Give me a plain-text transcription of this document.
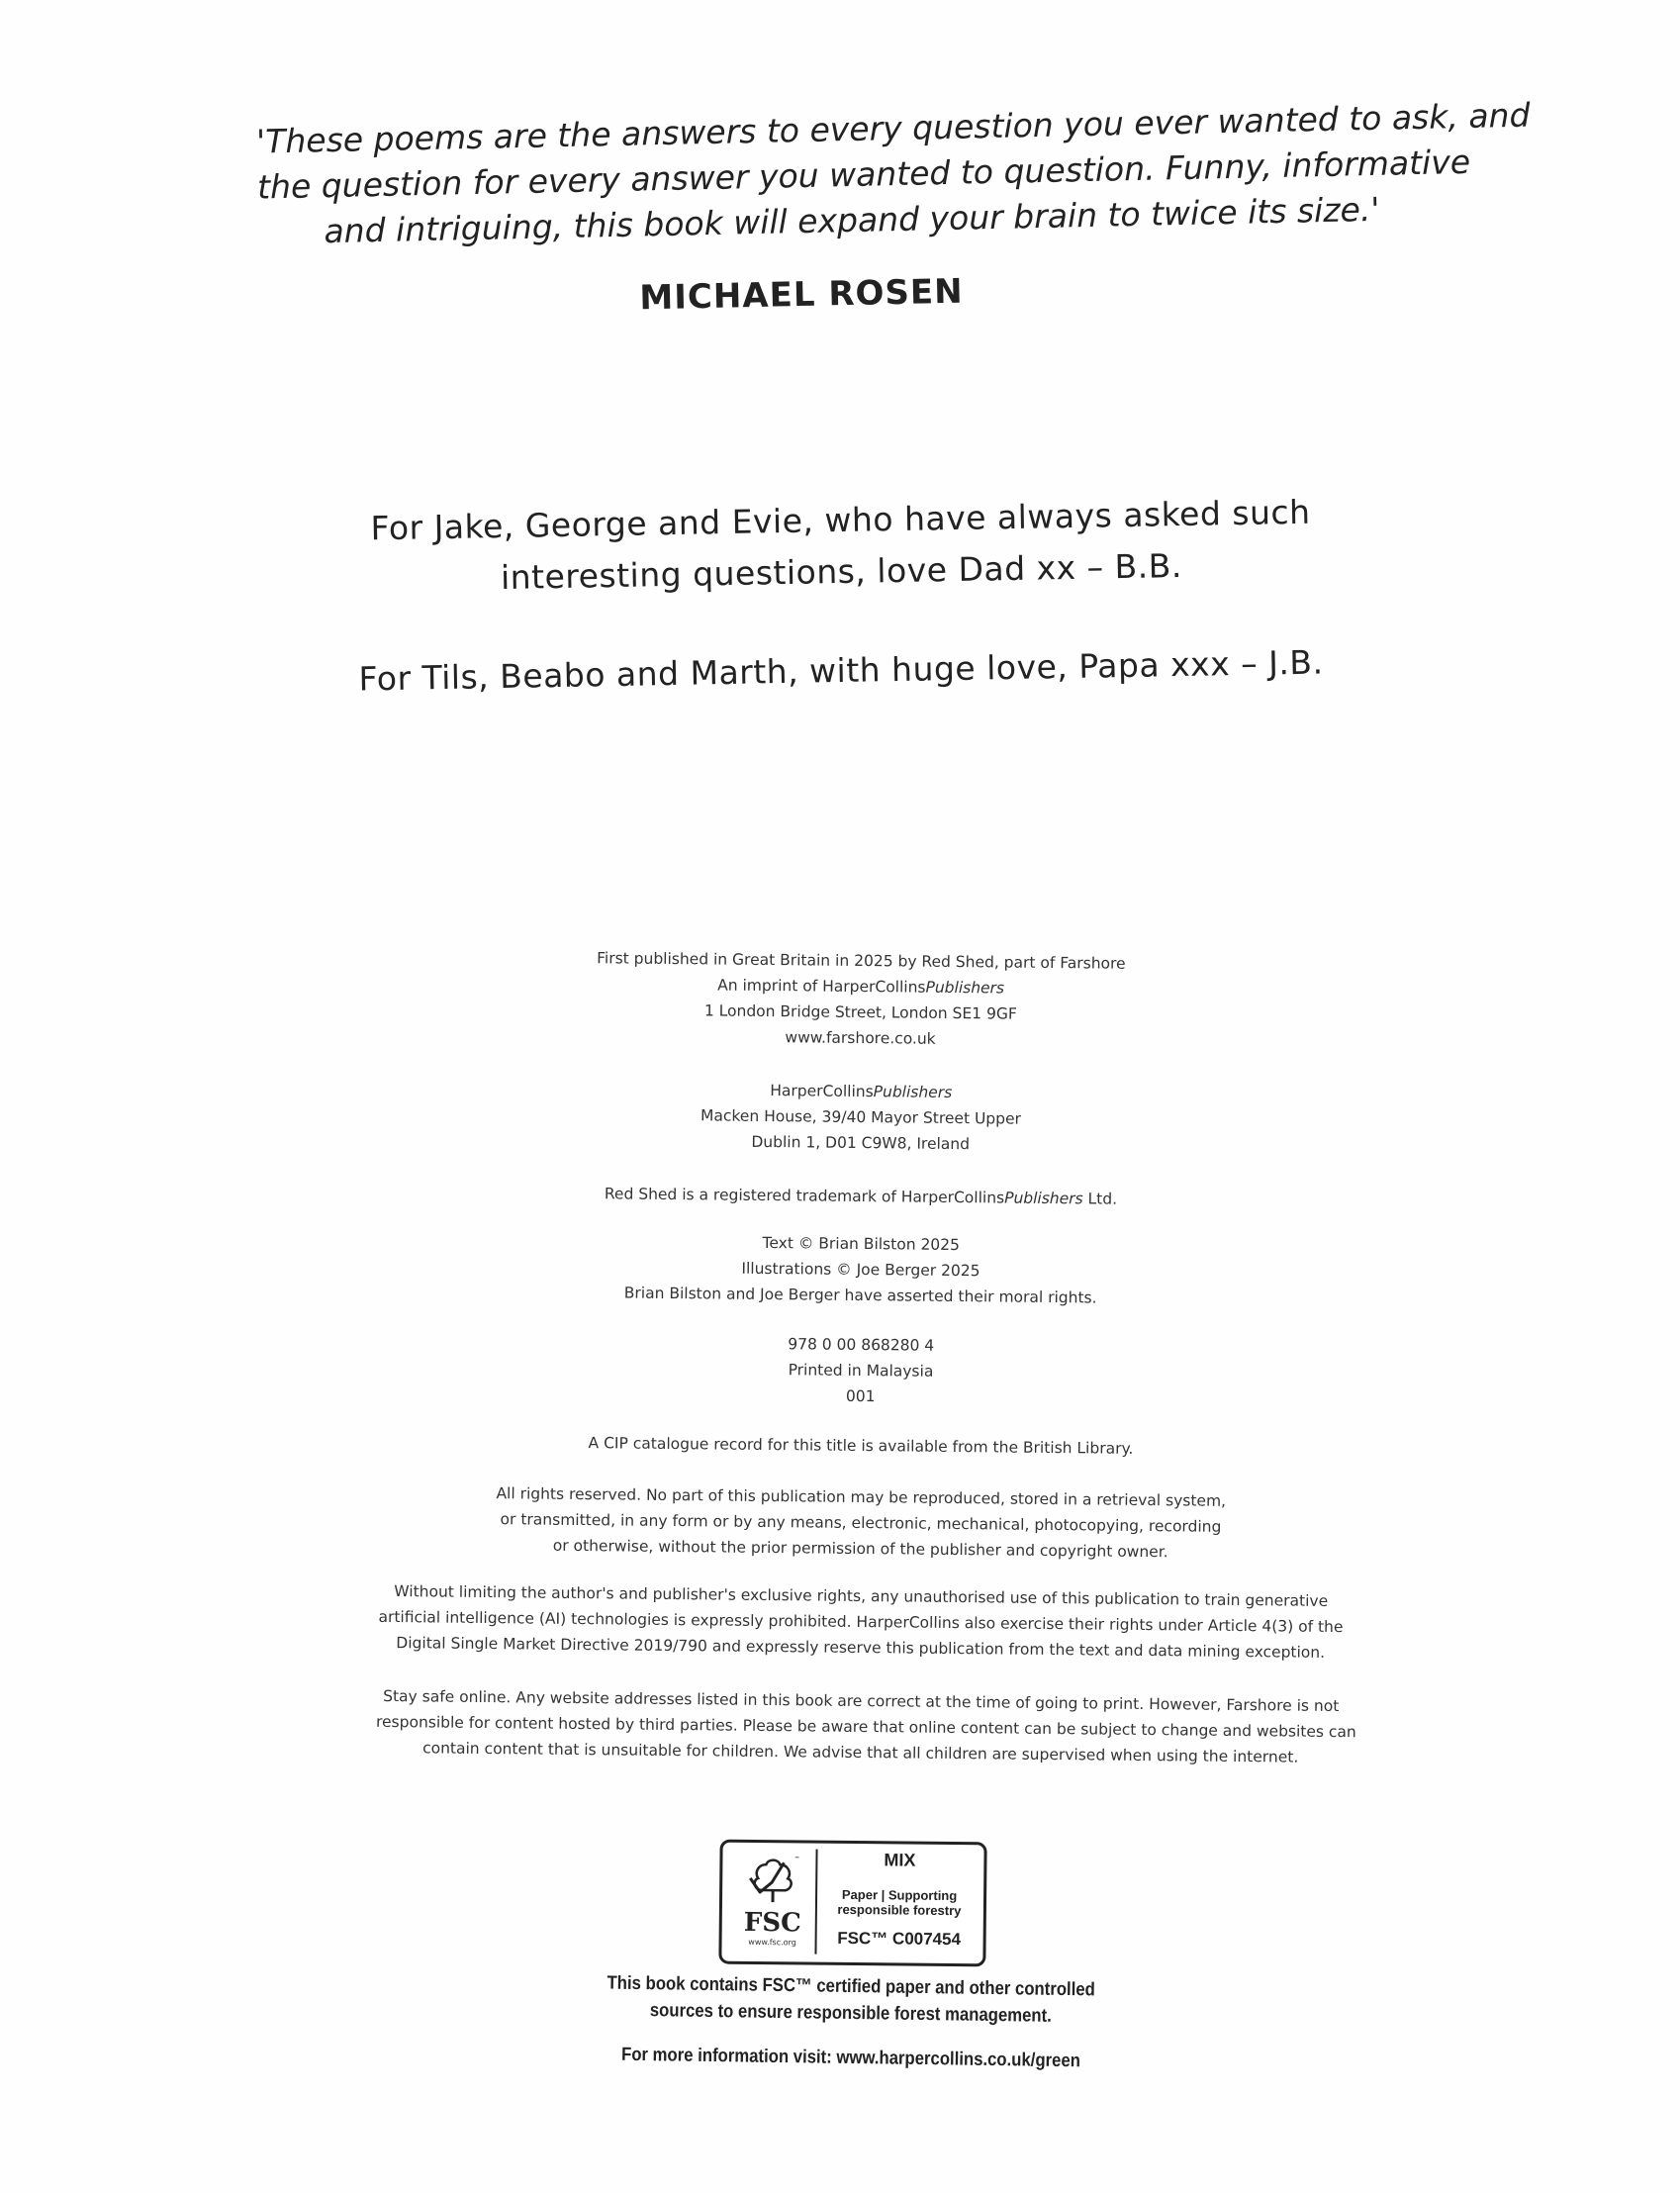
'These poems are the answers to every question you ever wanted to ask, and
the question for every answer you wanted to question. Funny, informative
and intriguing, this book will expand your brain to twice its size.'
MICHAEL ROSEN
For Jake, George and Evie, who have always asked such
interesting questions, love Dad xx – B.B.
For Tils, Beabo and Marth, with huge love, Papa xxx – J.B.
First published in Great Britain in 2025 by Red Shed, part of Farshore
An imprint of HarperCollinsPublishers
1 London Bridge Street, London SE1 9GF
www.farshore.co.uk
HarperCollinsPublishers
Macken House, 39/40 Mayor Street Upper
Dublin 1, D01 C9W8, Ireland
Red Shed is a registered trademark of HarperCollinsPublishers Ltd.
Text © Brian Bilston 2025
Illustrations © Joe Berger 2025
Brian Bilston and Joe Berger have asserted their moral rights.
978 0 00 868280 4
Printed in Malaysia
001
A CIP catalogue record for this title is available from the British Library.
All rights reserved. No part of this publication may be reproduced, stored in a retrieval system,
or transmitted, in any form or by any means, electronic, mechanical, photocopying, recording
or otherwise, without the prior permission of the publisher and copyright owner.
Without limiting the author's and publisher's exclusive rights, any unauthorised use of this publication to train generative
artificial intelligence (AI) technologies is expressly prohibited. HarperCollins also exercise their rights under Article 4(3) of the
Digital Single Market Directive 2019/790 and expressly reserve this publication from the text and data mining exception.
Stay safe online. Any website addresses listed in this book are correct at the time of going to print. However, Farshore is not
responsible for content hosted by third parties. Please be aware that online content can be subject to change and websites can
contain content that is unsuitable for children. We advise that all children are supervised when using the internet.
™
FSC
www.fsc.org
MIX
Paper | Supporting
responsible forestry
FSC™ C007454
This book contains FSC™ certified paper and other controlled
sources to ensure responsible forest management.
For more information visit: www.harpercollins.co.uk/green
